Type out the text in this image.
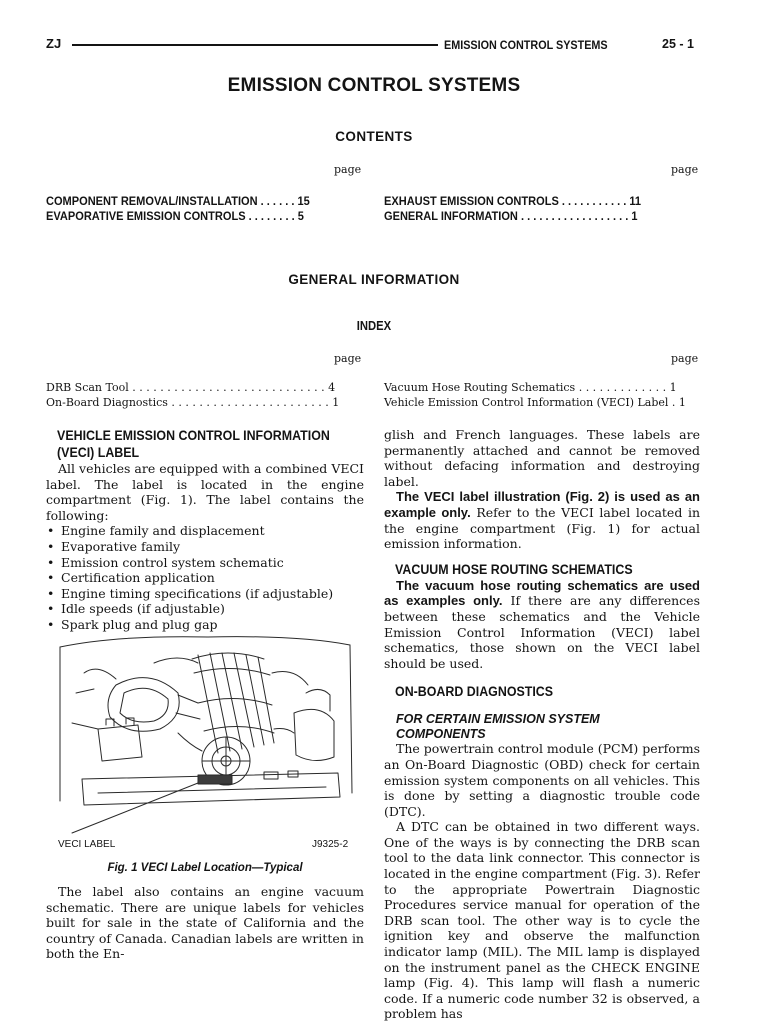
ZJ	EMISSION CONTROL SYSTEMS	25 - 1
EMISSION CONTROL SYSTEMS
CONTENTS
page	page
COMPONENT REMOVAL/INSTALLATION . . . . . . 15
EVAPORATIVE EMISSION CONTROLS . . . . . . . . 5
EXHAUST EMISSION CONTROLS . . . . . . . . . . . 11
GENERAL INFORMATION . . . . . . . . . . . . . . . . . . 1
GENERAL INFORMATION
INDEX
page	page
DRB Scan Tool . . . . . . . . . . . . . . . . . . . . . . . . . . . . 4
On-Board Diagnostics . . . . . . . . . . . . . . . . . . . . . . . 1
Vacuum Hose Routing Schematics . . . . . . . . . . . . . 1
Vehicle Emission Control Information (VECI) Label . 1

VEHICLE EMISSION CONTROL INFORMATION

(VECI) LABEL

All vehicles are equipped with a combined VECI label. The label is located in the engine compartment (Fig. 1). The label contains the following:

• Engine family and displacement
• Evaporative family
• Emission control system schematic
• Certification application
• Engine timing specifications (if adjustable)
• Idle speeds (if adjustable)
• Spark plug and plug gap
VECI LABEL	J9325-2
Fig. 1 VECI Label Location—Typical

The label also contains an engine vacuum schematic. There are unique labels for vehicles built for sale in the state of California and the country of Canada. Canadian labels are written in both the En-

glish and French languages. These labels are permanently attached and cannot be removed without defacing information and destroying label.

The VECI label illustration (Fig. 2) is used as an example only. Refer to the VECI label located in the engine compartment (Fig. 1) for actual emission information.

VACUUM HOSE ROUTING SCHEMATICS

The vacuum hose routing schematics are used as examples only. If there are any differences between these schematics and the Vehicle Emission Control Information (VECI) label schematics, those shown on the VECI label should be used.

ON-BOARD DIAGNOSTICS

FOR CERTAIN EMISSION SYSTEM

COMPONENTS

The powertrain control module (PCM) performs an On-Board Diagnostic (OBD) check for certain emission system components on all vehicles. This is done by setting a diagnostic trouble code (DTC).

A DTC can be obtained in two different ways. One of the ways is by connecting the DRB scan tool to the data link connector. This connector is located in the engine compartment (Fig. 3). Refer to the appropriate Powertrain Diagnostic Procedures service manual for operation of the DRB scan tool. The other way is to cycle the ignition key and observe the malfunction indicator lamp (MIL). The MIL lamp is displayed on the instrument panel as the CHECK ENGINE lamp (Fig. 4). This lamp will flash a numeric code. If a numeric code number 32 is observed, a problem has
